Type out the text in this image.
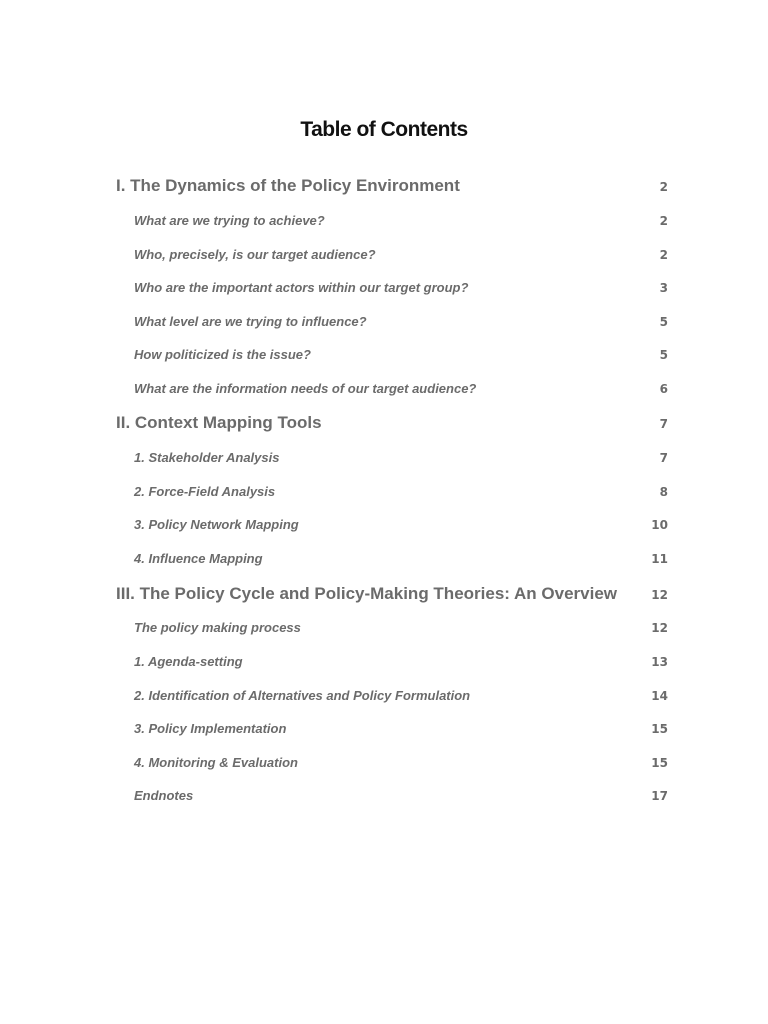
Table of Contents
I. The Dynamics of the Policy Environment	2
What are we trying to achieve?	2
Who, precisely, is our target audience?	2
Who are the important actors within our target group?	3
What level are we trying to influence?	5
How politicized is the issue?	5
What are the information needs of our target audience?	6
II. Context Mapping Tools	7
1. Stakeholder Analysis	7
2. Force-Field Analysis	8
3. Policy Network Mapping	10
4. Influence Mapping	11
III. The Policy Cycle and Policy-Making Theories: An Overview	12
The policy making process	12
1. Agenda-setting	13
2. Identification of Alternatives and Policy Formulation	14
3. Policy Implementation	15
4. Monitoring & Evaluation	15
Endnotes	17
